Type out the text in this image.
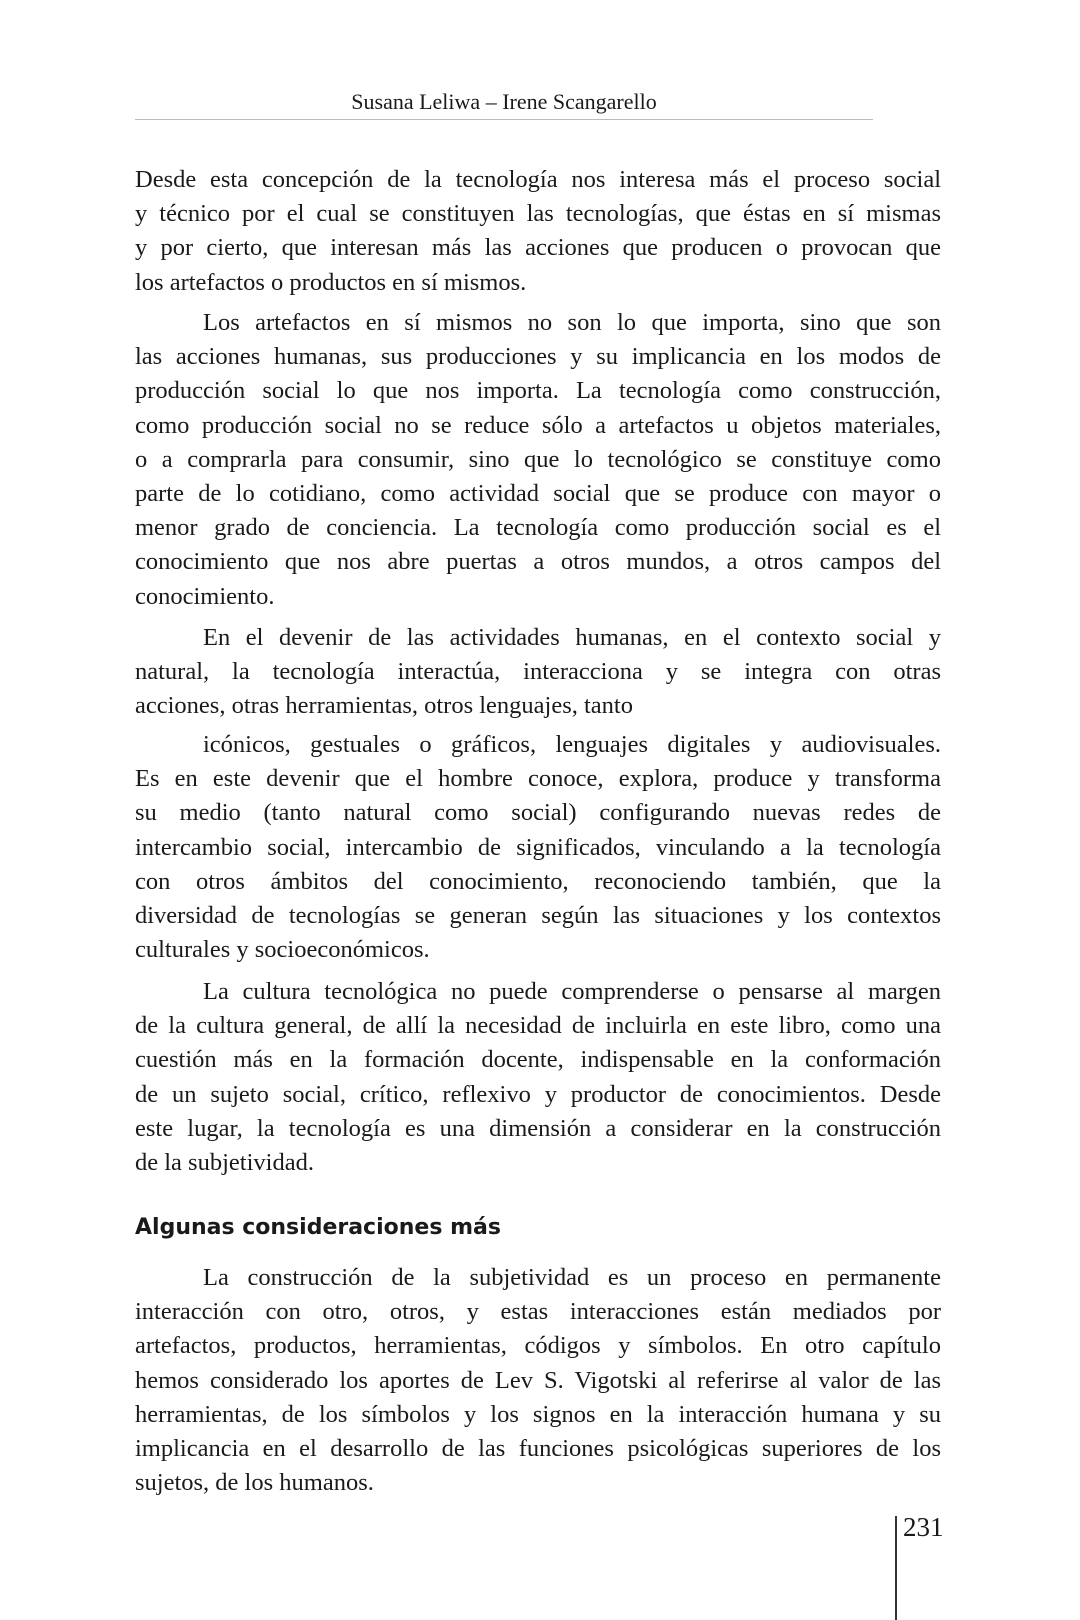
Susana Leliwa – Irene Scangarello
Desde esta concepción de la tecnología nos interesa más el proceso social
y técnico por el cual se constituyen las tecnologías, que éstas en sí mismas
y por cierto, que interesan más las acciones que producen o provocan que
los artefactos o productos en sí mismos.
Los artefactos en sí mismos no son lo que importa, sino que son
las acciones humanas, sus producciones y su implicancia en los modos de
producción social lo que nos importa. La tecnología como construcción,
como producción social no se reduce sólo a artefactos u objetos materiales,
o a comprarla para consumir, sino que lo tecnológico se constituye como
parte de lo cotidiano, como actividad social que se produce con mayor o
menor grado de conciencia. La tecnología como producción social es el
conocimiento que nos abre puertas a otros mundos, a otros campos del
conocimiento.
En el devenir de las actividades humanas, en el contexto social y
natural, la tecnología interactúa, interacciona y se integra con otras
acciones, otras herramientas, otros lenguajes, tanto
icónicos, gestuales o gráficos, lenguajes digitales y audiovisuales.
Es en este devenir que el hombre conoce, explora, produce y transforma
su medio (tanto natural como social) configurando nuevas redes de
intercambio social, intercambio de significados, vinculando a la tecnología
con otros ámbitos del conocimiento, reconociendo también, que la
diversidad de tecnologías se generan según las situaciones y los contextos
culturales y socioeconómicos.
La cultura tecnológica no puede comprenderse o pensarse al margen
de la cultura general, de allí la necesidad de incluirla en este libro, como una
cuestión más en la formación docente, indispensable en la conformación
de un sujeto social, crítico, reflexivo y productor de conocimientos. Desde
este lugar, la tecnología es una dimensión a considerar en la construcción
de la subjetividad.
Algunas consideraciones más
La construcción de la subjetividad es un proceso en permanente
interacción con otro, otros, y estas interacciones están mediados por
artefactos, productos, herramientas, códigos y símbolos. En otro capítulo
hemos considerado los aportes de Lev S. Vigotski al referirse al valor de las
herramientas, de los símbolos y los signos en la interacción humana y su
implicancia en el desarrollo de las funciones psicológicas superiores de los
sujetos, de los humanos.
231
